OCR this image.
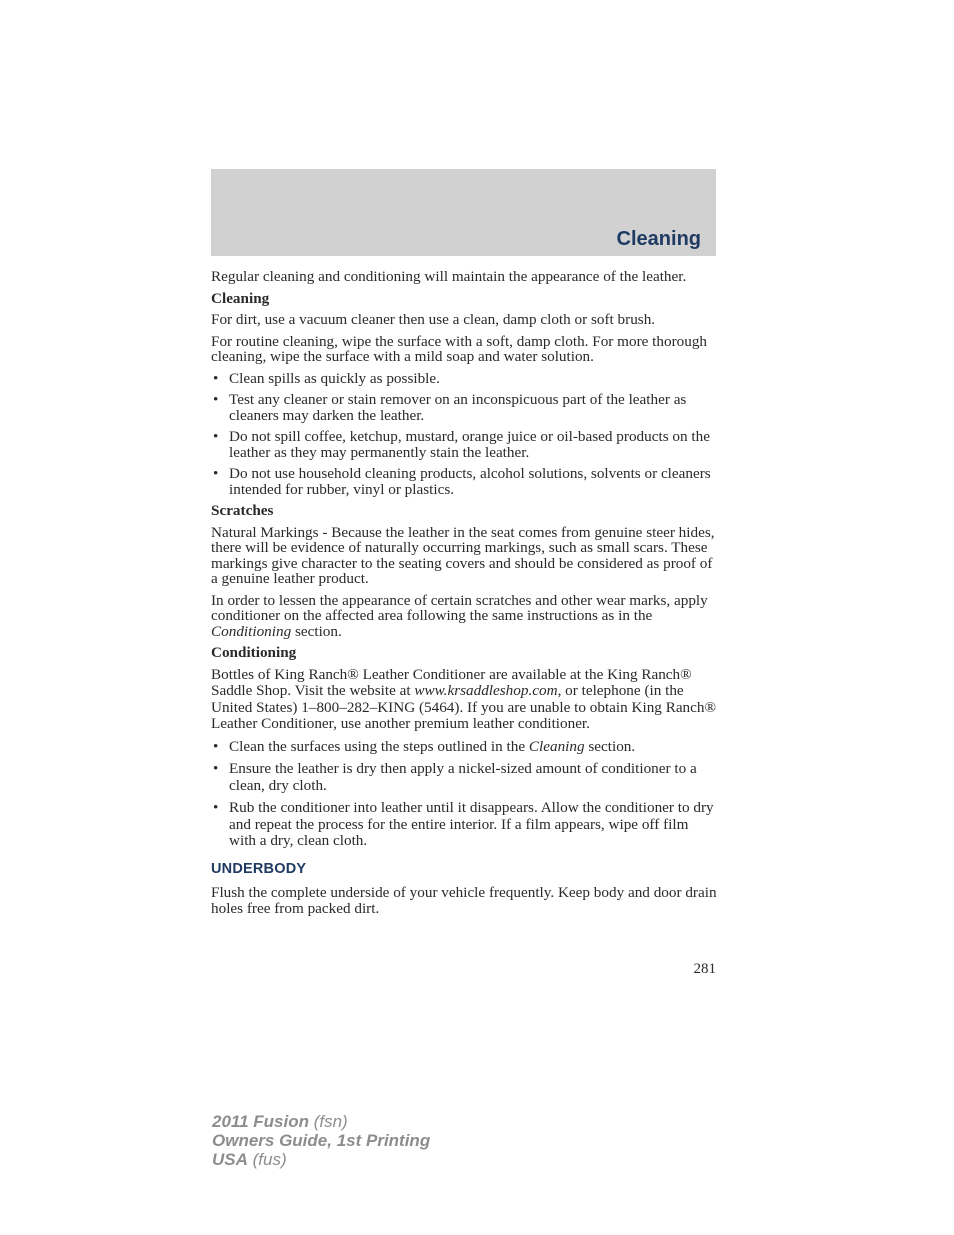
Cleaning

Regular cleaning and conditioning will maintain the appearance of the leather.

Cleaning

For dirt, use a vacuum cleaner then use a clean, damp cloth or soft brush.

For routine cleaning, wipe the surface with a soft, damp cloth. For more thorough cleaning, wipe the surface with a mild soap and water solution.

• Clean spills as quickly as possible.
• Test any cleaner or stain remover on an inconspicuous part of the leather as cleaners may darken the leather.
• Do not spill coffee, ketchup, mustard, orange juice or oil-based products on the leather as they may permanently stain the leather.
• Do not use household cleaning products, alcohol solutions, solvents or cleaners intended for rubber, vinyl or plastics.
Scratches

Natural Markings - Because the leather in the seat comes from genuine steer hides, there will be evidence of naturally occurring markings, such as small scars. These markings give character to the seating covers and should be considered as proof of a genuine leather product.

In order to lessen the appearance of certain scratches and other wear marks, apply conditioner on the affected area following the same instructions as in the Conditioning section.

Conditioning

Bottles of King Ranch® Leather Conditioner are available at the King Ranch® Saddle Shop. Visit the website at www.krsaddleshop.com, or telephone (in the United States) 1–800–282–KING (5464). If you are unable to obtain King Ranch® Leather Conditioner, use another premium leather conditioner.

• Clean the surfaces using the steps outlined in the Cleaning section.
• Ensure the leather is dry then apply a nickel-sized amount of conditioner to a clean, dry cloth.
• Rub the conditioner into leather until it disappears. Allow the conditioner to dry and repeat the process for the entire interior. If a film appears, wipe off film with a dry, clean cloth.
UNDERBODY

Flush the complete underside of your vehicle frequently. Keep body and door drain holes free from packed dirt.

281
2011 Fusion (fsn)
Owners Guide, 1st Printing
USA (fus)
